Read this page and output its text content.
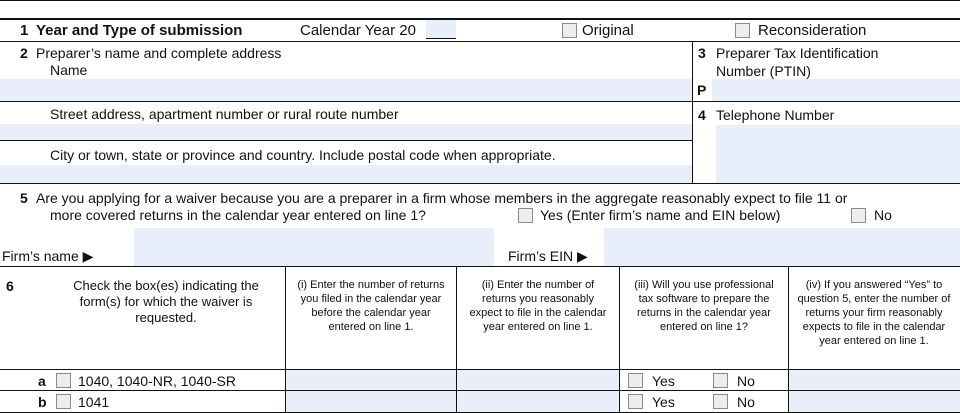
1 Year and Type of submission	Calendar Year 20	Original	Reconsideration
2 Preparer’s name and complete address
Name
Street address, apartment number or rural route number
City or town, state or province and country. Include postal code when appropriate.
3 Preparer Tax Identification
Number (PTIN)
P
4 Telephone Number
5 Are you applying for a waiver because you are a preparer in a firm whose members in the aggregate reasonably expect to file 11 or
more covered returns in the calendar year entered on line 1?	Yes (Enter firm’s name and EIN below)	No
Firm’s name ▶	Firm’s EIN ▶
6	Check the box(es) indicating the
form(s) for which the waiver is
requested.
(i) Enter the number of returns
you filed in the calendar year
before the calendar year
entered on line 1.
(ii) Enter the number of
returns you reasonably
expect to file in the calendar
year entered on line 1.
(iii) Will you use professional
tax software to prepare the
returns in the calendar year
entered on line 1?
(iv) If you answered “Yes” to
question 5, enter the number of
returns your firm reasonably
expects to file in the calendar
year entered on line 1.
a 1040, 1040-NR, 1040-SR	Yes	No
b 1041	Yes	No
